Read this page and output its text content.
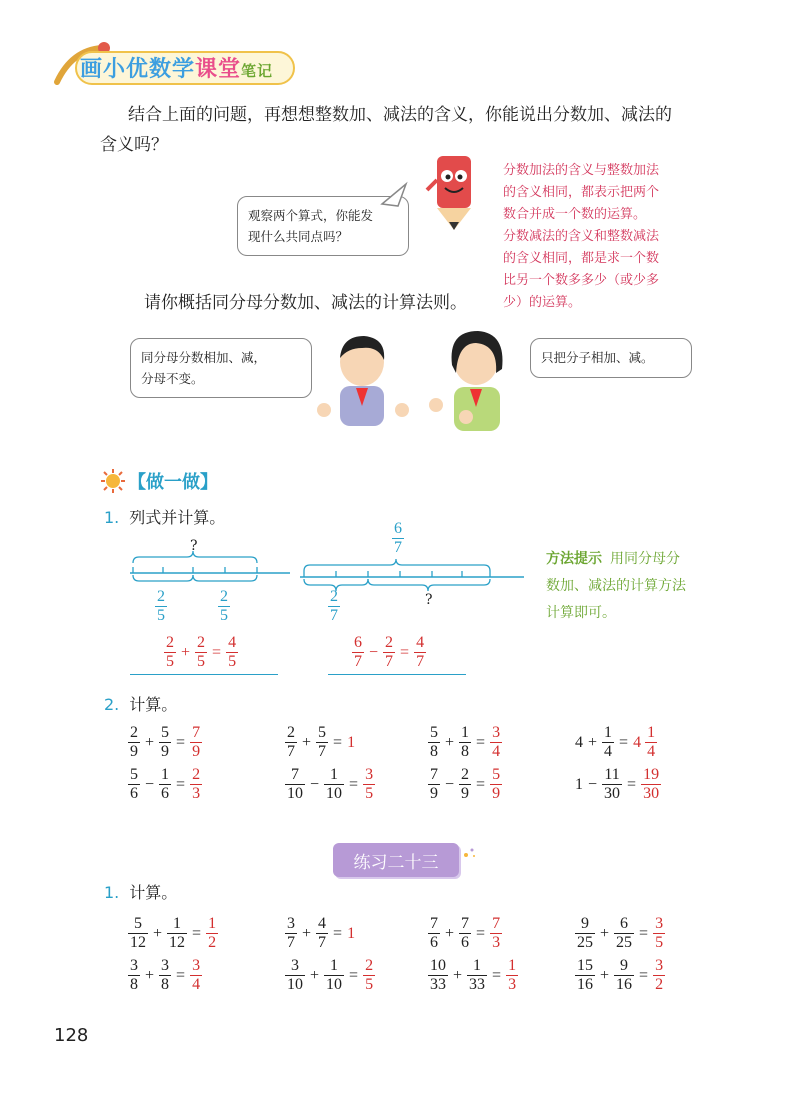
画小优数学课堂笔记
结合上面的问题，再想想整数加、减法的含义，你能说出分数加、减法的
含义吗？
观察两个算式，你能发
现什么共同点吗？
分数加法的含义与整数加法
的含义相同，都表示把两个
数合并成一个数的运算。
分数减法的含义和整数减法
的含义相同，都是求一个数
比另一个数多多少（或少多
少）的运算。
请你概括同分母分数加、减法的计算法则。
同分母分数相加、减，
分母不变。
只把分子相加、减。
【做一做】
1. 列式并计算。
?
$\frac{2}{5}$	$\frac{2}{5}$
$\frac{2}{5} + \frac{2}{5} = \frac{4}{5}$
$\frac{6}{7}$
$\frac{2}{7}$	?
$\frac{6}{7} - \frac{2}{7} = \frac{4}{7}$
方法提示 用同分母分
数加、减法的计算方法
计算即可。
2. 计算。
$\frac{2}{9} + \frac{5}{9} = \frac{7}{9}$	$\frac{2}{7} + \frac{5}{7} = 1$	$\frac{5}{8} + \frac{1}{8} = \frac{3}{4}$	$4 + \frac{1}{4} = 4 \frac{1}{4}$
$\frac{5}{6} - \frac{1}{6} = \frac{2}{3}$	$\frac{7}{10} - \frac{1}{10} = \frac{3}{5}$	$\frac{7}{9} - \frac{2}{9} = \frac{5}{9}$	$1 - \frac{11}{30} = \frac{19}{30}$
练习二十三
1. 计算。
$\frac{5}{12} + \frac{1}{12} = \frac{1}{2}$	$\frac{3}{7} + \frac{4}{7} = 1$	$\frac{7}{6} + \frac{7}{6} = \frac{7}{3}$	$\frac{9}{25} + \frac{6}{25} = \frac{3}{5}$
$\frac{3}{8} + \frac{3}{8} = \frac{3}{4}$	$\frac{3}{10} + \frac{1}{10} = \frac{2}{5}$	$\frac{10}{33} + \frac{1}{33} = \frac{1}{3}$	$\frac{15}{16} + \frac{9}{16} = \frac{3}{2}$
128
